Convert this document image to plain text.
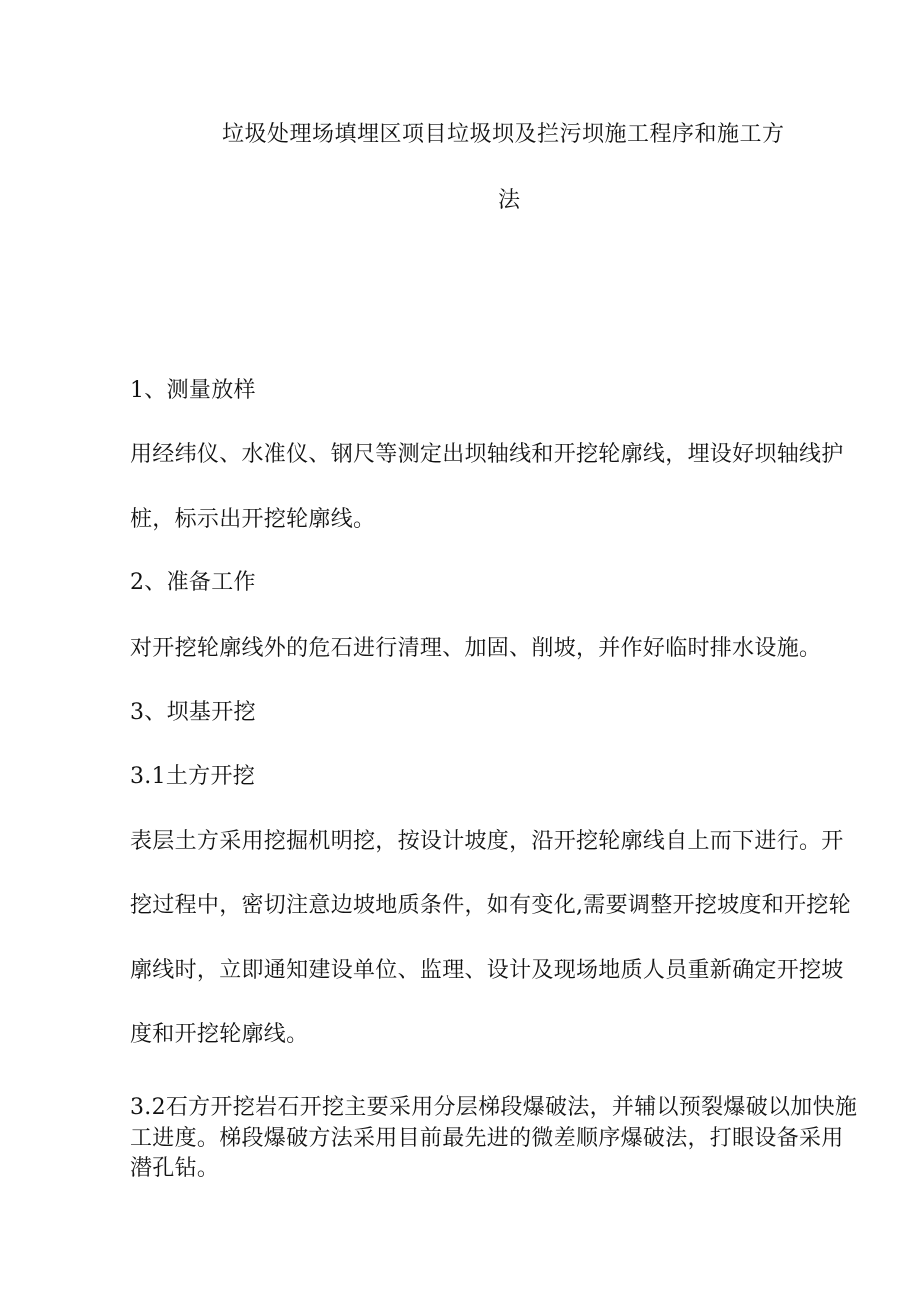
垃圾处理场填埋区项目垃圾坝及拦污坝施工程序和施工方
法
1、测量放样
用经纬仪、水准仪、钢尺等测定出坝轴线和开挖轮廓线，埋设好坝轴线护
桩，标示出开挖轮廓线。
2、准备工作
对开挖轮廓线外的危石进行清理、加固、削坡，并作好临时排水设施。
3、坝基开挖
3.1土方开挖
表层土方采用挖掘机明挖，按设计坡度，沿开挖轮廓线自上而下进行。开
挖过程中，密切注意边坡地质条件，如有变化,需要调整开挖坡度和开挖轮
廓线时，立即通知建设单位、监理、设计及现场地质人员重新确定开挖坡
度和开挖轮廓线。
3.2石方开挖岩石开挖主要采用分层梯段爆破法，并辅以预裂爆破以加快施
工进度。梯段爆破方法采用目前最先进的微差顺序爆破法，打眼设备采用
潜孔钻。
